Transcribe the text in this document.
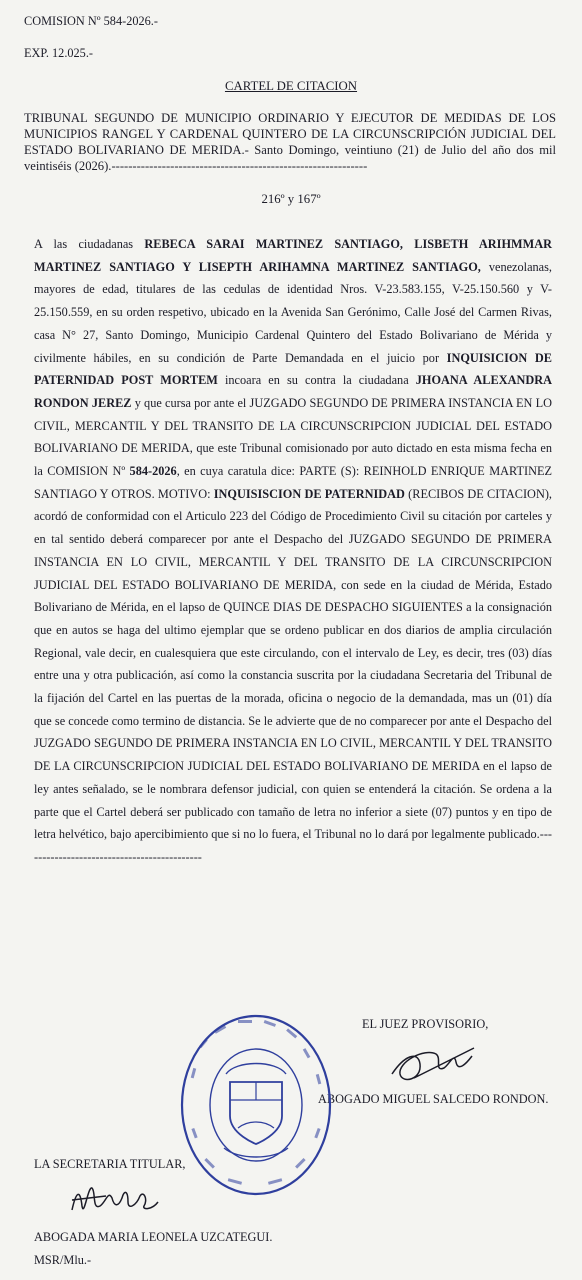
COMISION Nº 584-2026.-
EXP. 12.025.-
CARTEL DE CITACION
TRIBUNAL SEGUNDO DE MUNICIPIO ORDINARIO Y EJECUTOR DE MEDIDAS DE LOS MUNICIPIOS RANGEL Y CARDENAL QUINTERO DE LA CIRCUNSCRIPCIÓN JUDICIAL DEL ESTADO BOLIVARIANO DE MERIDA.- Santo Domingo, veintiuno (21) de Julio del año dos mil veintiséis (2026).-------------------------------------------------------------
216º y 167º
A las ciudadanas REBECA SARAI MARTINEZ SANTIAGO, LISBETH ARIHMMAR MARTINEZ SANTIAGO Y LISEPTH ARIHAMNA MARTINEZ SANTIAGO, venezolanas, mayores de edad, titulares de las cedulas de identidad Nros. V-23.583.155, V-25.150.560 y V-25.150.559, en su orden respetivo, ubicado en la Avenida San Gerónimo, Calle José del Carmen Rivas, casa N° 27, Santo Domingo, Municipio Cardenal Quintero del Estado Bolivariano de Mérida y civilmente hábiles, en su condición de Parte Demandada en el juicio por INQUISICION DE PATERNIDAD POST MORTEM incoara en su contra la ciudadana JHOANA ALEXANDRA RONDON JEREZ y que cursa por ante el JUZGADO SEGUNDO DE PRIMERA INSTANCIA EN LO CIVIL, MERCANTIL Y DEL TRANSITO DE LA CIRCUNSCRIPCION JUDICIAL DEL ESTADO BOLIVARIANO DE MERIDA, que este Tribunal comisionado por auto dictado en esta misma fecha en la COMISION Nº 584-2026, en cuya caratula dice: PARTE (S): REINHOLD ENRIQUE MARTINEZ SANTIAGO Y OTROS. MOTIVO: INQUISISCION DE PATERNIDAD (RECIBOS DE CITACION), acordó de conformidad con el Articulo 223 del Código de Procedimiento Civil su citación por carteles y en tal sentido deberá comparecer por ante el Despacho del JUZGADO SEGUNDO DE PRIMERA INSTANCIA EN LO CIVIL, MERCANTIL Y DEL TRANSITO DE LA CIRCUNSCRIPCION JUDICIAL DEL ESTADO BOLIVARIANO DE MERIDA, con sede en la ciudad de Mérida, Estado Bolivariano de Mérida, en el lapso de QUINCE DIAS DE DESPACHO SIGUIENTES a la consignación que en autos se haga del ultimo ejemplar que se ordeno publicar en dos diarios de amplia circulación Regional, vale decir, en cualesquiera que este circulando, con el intervalo de Ley, es decir, tres (03) días entre una y otra publicación, así como la constancia suscrita por la ciudadana Secretaria del Tribunal de la fijación del Cartel en las puertas de la morada, oficina o negocio de la demandada, mas un (01) día que se concede como termino de distancia. Se le advierte que de no comparecer por ante el Despacho del JUZGADO SEGUNDO DE PRIMERA INSTANCIA EN LO CIVIL, MERCANTIL Y DEL TRANSITO DE LA CIRCUNSCRIPCION JUDICIAL DEL ESTADO BOLIVARIANO DE MERIDA en el lapso de ley antes señalado, se le nombrara defensor judicial, con quien se entenderá la citación. Se ordena a la parte que el Cartel deberá ser publicado con tamaño de letra no inferior a siete (07) puntos y en tipo de letra helvético, bajo apercibimiento que si no lo fuera, el Tribunal no lo dará por legalmente publicado.--------------------------------------------
EL JUEZ PROVISORIO,
ABOGADO MIGUEL SALCEDO RONDON.
LA SECRETARIA TITULAR,
ABOGADA MARIA LEONELA UZCATEGUI.
MSR/Mlu.-
